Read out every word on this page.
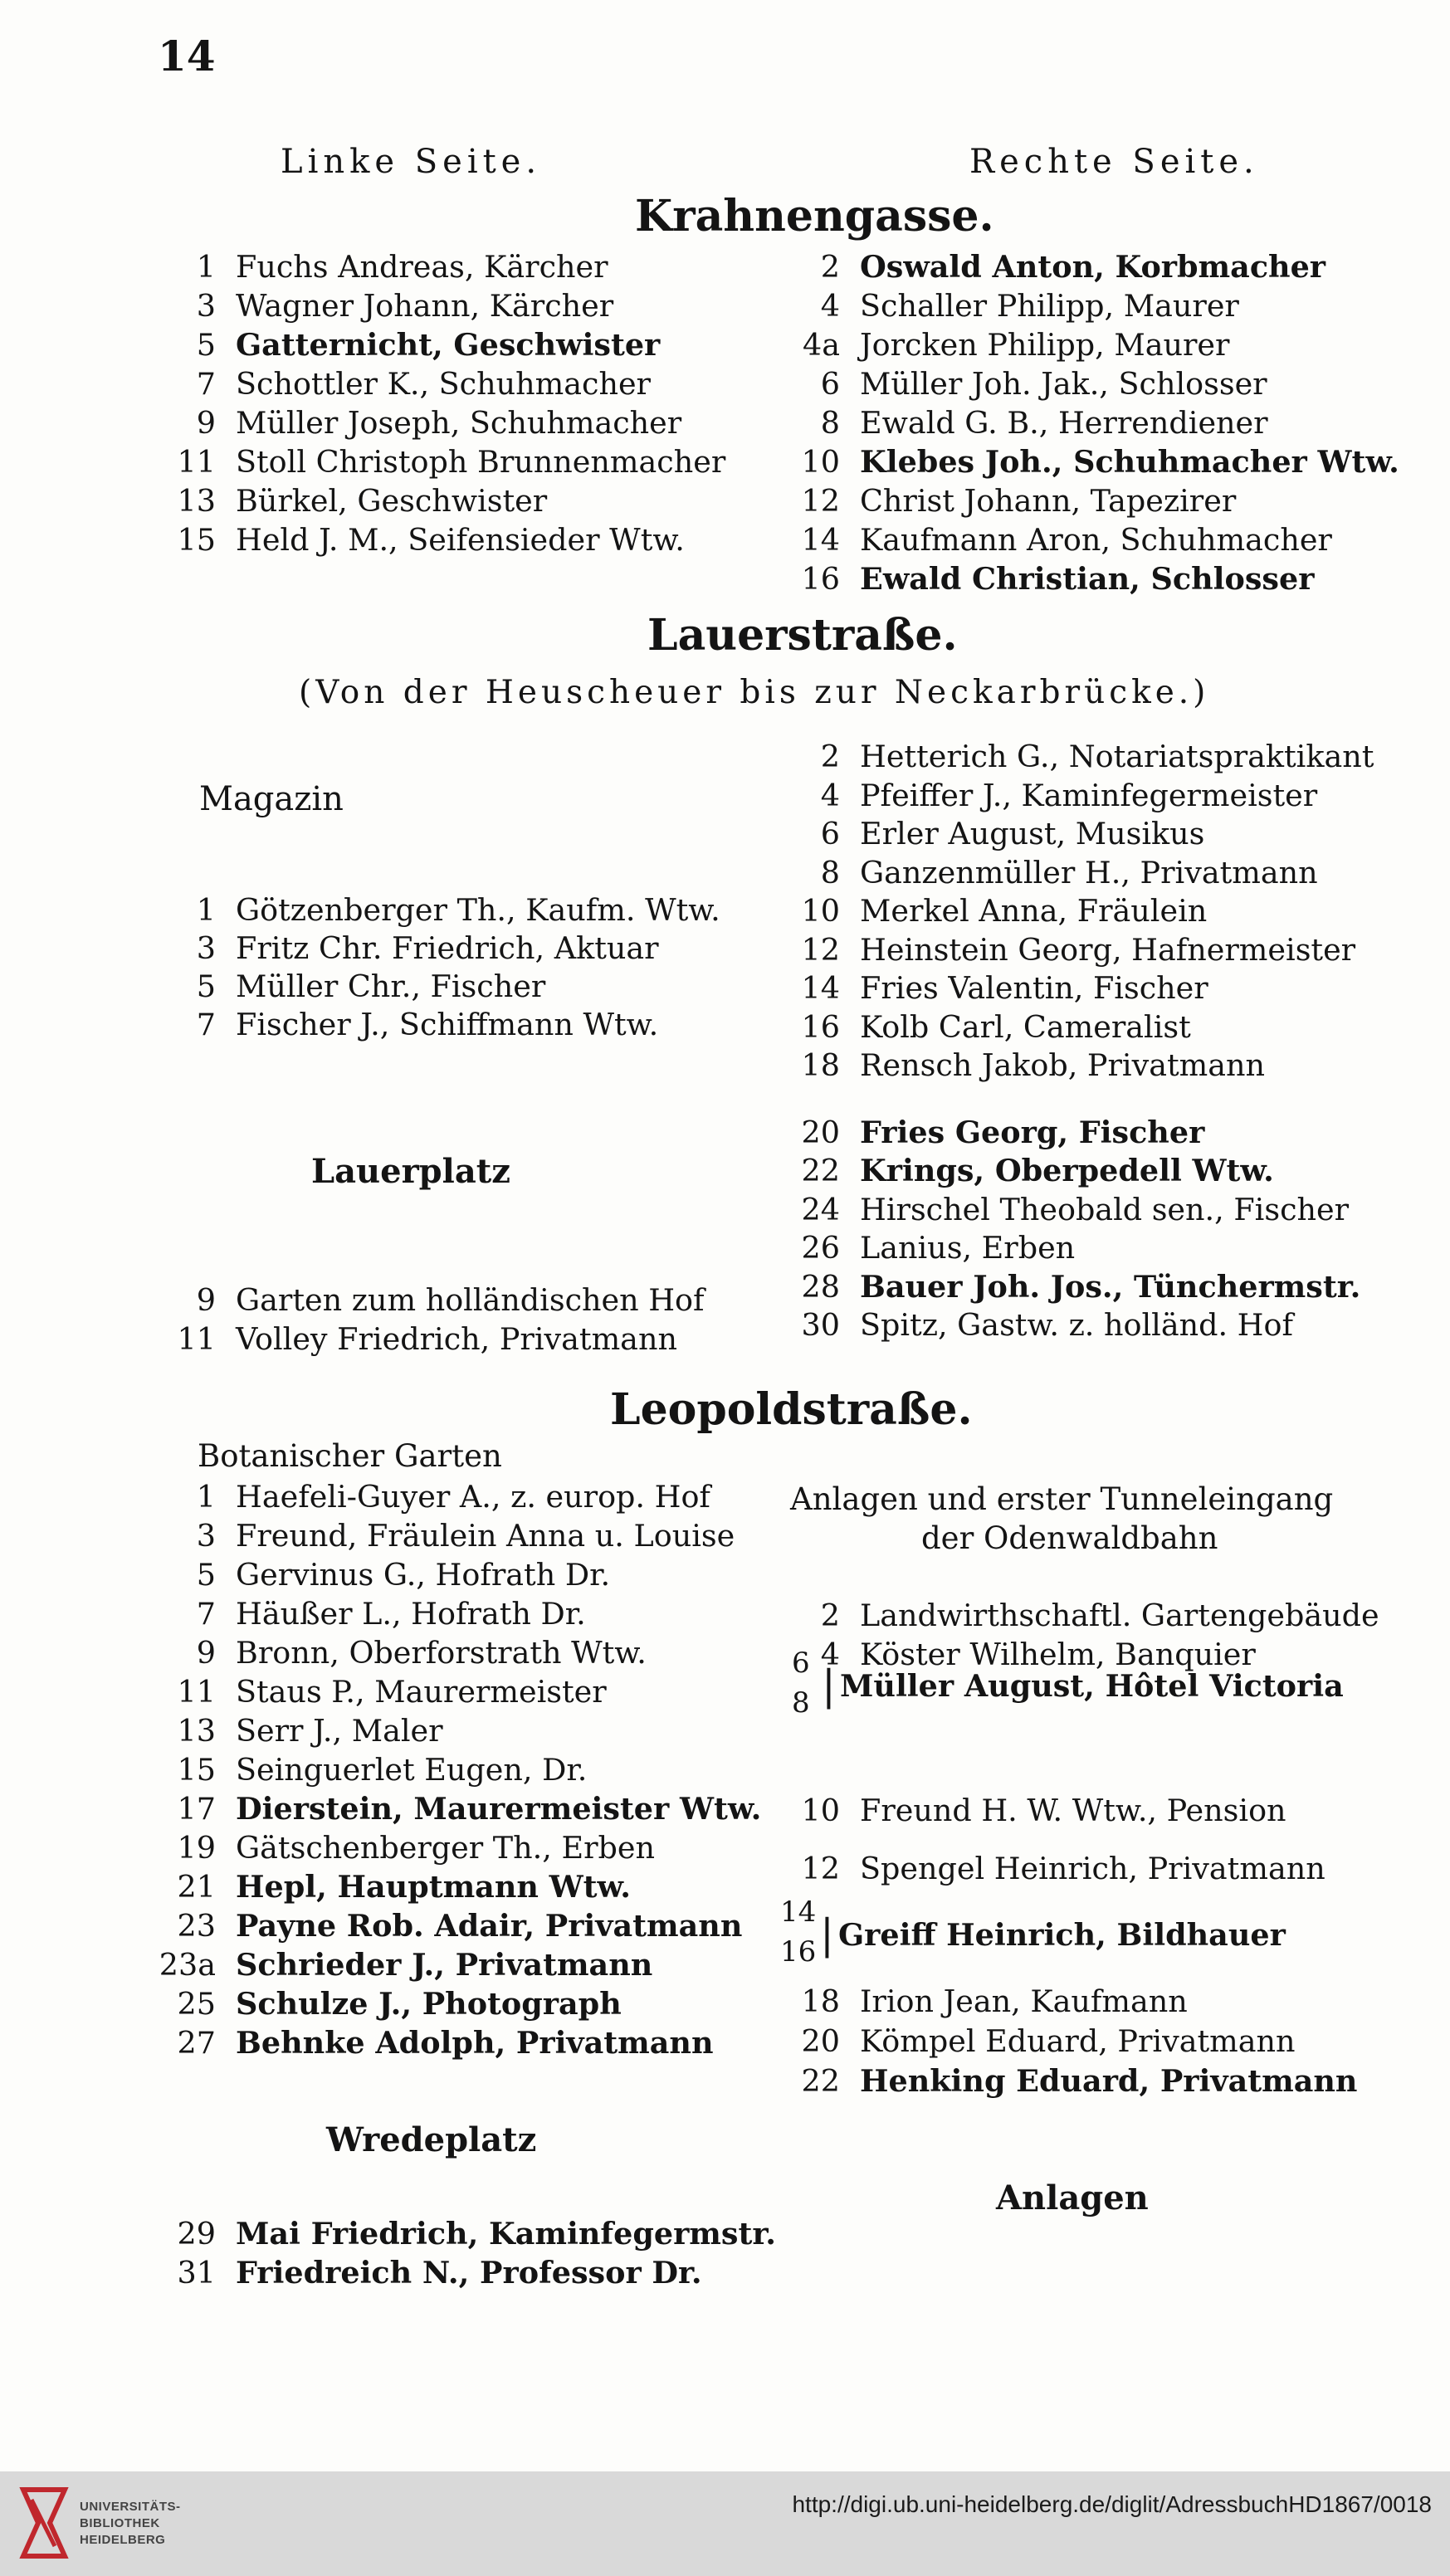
14
Linke Seite.	Rechte Seite.
Krahnengasse.
1 Fuchs Andreas, Kärcher
3 Wagner Johann, Kärcher
5 Gatternicht, Geschwister
7 Schottler K., Schuhmacher
9 Müller Joseph, Schuhmacher
11 Stoll Christoph Brunnenmacher
13 Bürkel, Geschwister
15 Held J. M., Seifensieder Wtw.
2 Oswald Anton, Korbmacher
4 Schaller Philipp, Maurer
4a Jorcken Philipp, Maurer
6 Müller Joh. Jak., Schlosser
8 Ewald G. B., Herrendiener
10 Klebes Joh., Schuhmacher Wtw.
12 Christ Johann, Tapezirer
14 Kaufmann Aron, Schuhmacher
16 Ewald Christian, Schlosser
Lauerstraße.
(Von der Heuscheuer bis zur Neckarbrücke.)
Magazin
Lauerplatz
1 Götzenberger Th., Kaufm. Wtw.
3 Fritz Chr. Friedrich, Aktuar
5 Müller Chr., Fischer
7 Fischer J., Schiffmann Wtw.
9 Garten zum holländischen Hof
11 Volley Friedrich, Privatmann
2 Hetterich G., Notariatspraktikant
4 Pfeiffer J., Kaminfegermeister
6 Erler August, Musikus
8 Ganzenmüller H., Privatmann
10 Merkel Anna, Fräulein
12 Heinstein Georg, Hafnermeister
14 Fries Valentin, Fischer
16 Kolb Carl, Cameralist
18 Rensch Jakob, Privatmann
20 Fries Georg, Fischer
22 Krings, Oberpedell Wtw.
24 Hirschel Theobald sen., Fischer
26 Lanius, Erben
28 Bauer Joh. Jos., Tünchermstr.
30 Spitz, Gastw. z. holländ. Hof
Leopoldstraße.
Botanischer Garten
Anlagen und erster Tunneleingang
der Odenwaldbahn
Wredeplatz
Anlagen
1 Haefeli-Guyer A., z. europ. Hof
3 Freund, Fräulein Anna u. Louise
5 Gervinus G., Hofrath Dr.
7 Häußer L., Hofrath Dr.
9 Bronn, Oberforstrath Wtw.
11 Staus P., Maurermeister
13 Serr J., Maler
15 Seinguerlet Eugen, Dr.
17 Dierstein, Maurermeister Wtw.
19 Gätschenberger Th., Erben
21 Hepl, Hauptmann Wtw.
23 Payne Rob. Adair, Privatmann
23a Schrieder J., Privatmann
25 Schulze J., Photograph
27 Behnke Adolph, Privatmann
29 Mai Friedrich, Kaminfegermstr.
31 Friedreich N., Professor Dr.
2 Landwirthschaftl. Gartengebäude
4 Köster Wilhelm, Banquier
10 Freund H. W. Wtw., Pension
12 Spengel Heinrich, Privatmann
18 Irion Jean, Kaufmann
20 Kömpel Eduard, Privatmann
22 Henking Eduard, Privatmann
6
8 | Müller August, Hôtel Victoria
14
16 | Greiff Heinrich, Bildhauer
UNIVERSITÄTS-
BIBLIOTHEK
HEIDELBERG
http://digi.ub.uni-heidelberg.de/diglit/AdressbuchHD1867/0018
